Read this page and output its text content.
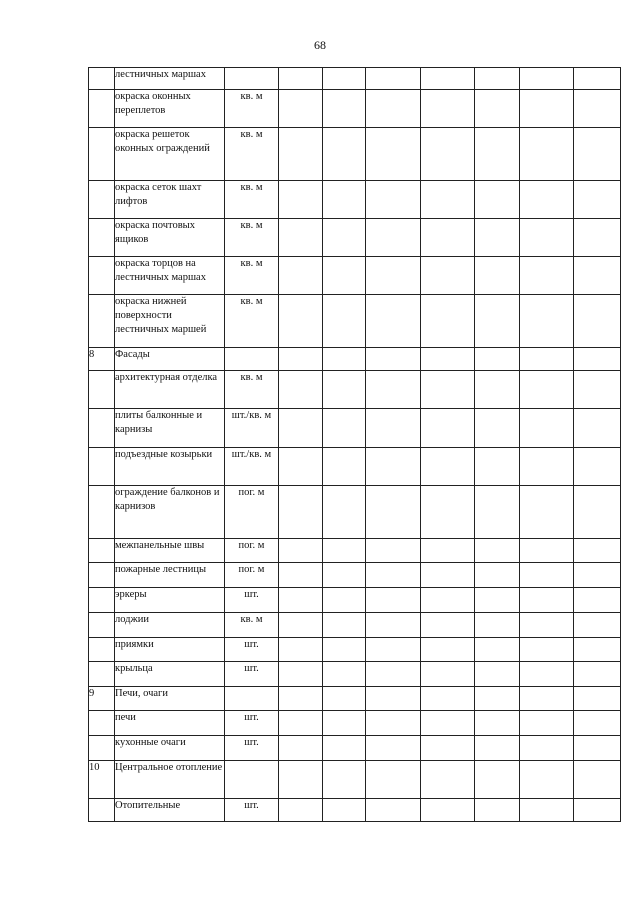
68
	лестничных маршах								
	окраска оконных переплетов	кв. м							
	окраска решеток оконных ограждений	кв. м							
	окраска сеток шахт лифтов	кв. м							
	окраска почтовых ящиков	кв. м							
	окраска торцов на лестничных маршах	кв. м							
	окраска нижней поверхности лестничных маршей	кв. м							
8	Фасады								
	архитектурная отделка	кв. м							
	плиты балконные и карнизы	шт./кв. м							
	подъездные козырьки	шт./кв. м							
	ограждение балконов и карнизов	пог. м							
	межпанельные швы	пог. м							
	пожарные лестницы	пог. м							
	эркеры	шт.							
	лоджии	кв. м							
	приямки	шт.							
	крыльца	шт.							
9	Печи, очаги								
	печи	шт.							
	кухонные очаги	шт.							
10	Центральное отопление								
	Отопительные	шт.							
